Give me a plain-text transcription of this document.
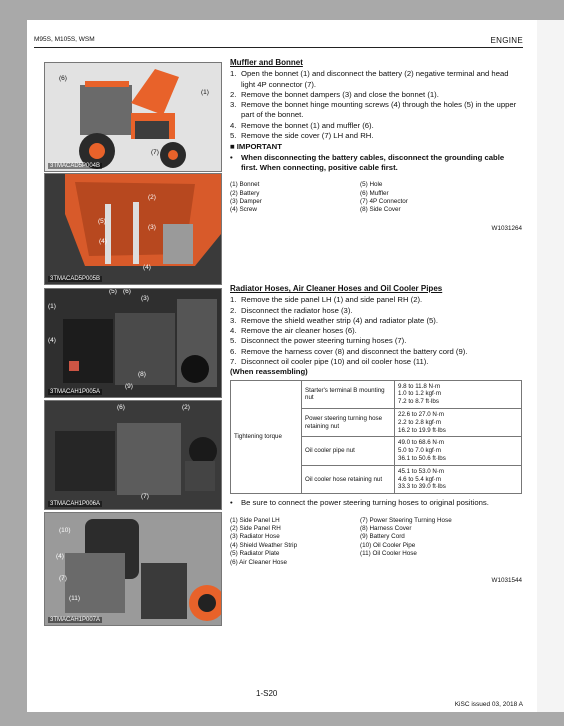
M95S, M105S, WSM	ENGINE
(6)
(1)
(7)
3TMACAD5P004B
(2)
(3)
(5)
(4)
(4)
3TMACAD5P005B
(5) (6)
(3)
(1)
(4)
(8)
(9)
3TMACAH1P005A
(6)	(2)
(7)
3TMACAH1P006A
(10)
(4)
(7)
(11)
3TMACAH1P007A
Muffler and Bonnet
1. Open the bonnet (1) and disconnect the battery (2) negative terminal and head light 4P connector (7).
2. Remove the bonnet dampers (3) and close the bonnet (1).
3. Remove the bonnet hinge mounting screws (4) through the holes (5) in the upper part of the bonnet.
4. Remove the bonnet (1) and muffler (6).
5. Remove the side cover (7) LH and RH.
■ IMPORTANT
•	When disconnecting the battery cables, disconnect the grounding cable first. When connecting, positive cable first.
(1) Bonnet	(5) Hole
(2) Battery	(6) Muffler
(3) Damper	(7) 4P Connector
(4) Screw	(8) Side Cover
W1031264
Radiator Hoses, Air Cleaner Hoses and Oil Cooler Pipes
1. Remove the side panel LH (1) and side panel RH (2).
2. Disconnect the radiator hose (3).
3. Remove the shield weather strip (4) and radiator plate (5).
4. Remove the air cleaner hoses (6).
5. Disconnect the power steering turning hoses (7).
6. Remove the harness cover (8) and disconnect the battery cord (9).
7. Disconnect oil cooler pipe (10) and oil cooler hose (11).
(When reassembling)
Tightening torque	Starter's terminal B mounting nut	9.8 to 11.8 N·m
1.0 to 1.2 kgf·m
7.2 to 8.7 ft·lbs

	Power steering turning hose retaining nut	22.6 to 27.0 N·m
2.2 to 2.8 kgf·m
16.2 to 19.9 ft·lbs

	Oil cooler pipe nut	49.0 to 68.6 N·m
5.0 to 7.0 kgf·m
36.1 to 50.6 ft·lbs

	Oil cooler hose retaining nut	45.1 to 53.0 N·m
4.6 to 5.4 kgf·m
33.3 to 39.0 ft·lbs
•	Be sure to connect the power steering turning hoses to original positions.
(1) Side Panel LH	(7) Power Steering Turning Hose
(2) Side Panel RH	(8) Harness Cover
(3) Radiator Hose	(9) Battery Cord
(4) Shield Weather Strip	(10) Oil Cooler Pipe
(5) Radiator Plate	(11) Oil Cooler Hose
(6) Air Cleaner Hose
W1031544
1-S20
KiSC issued 03, 2018 A
